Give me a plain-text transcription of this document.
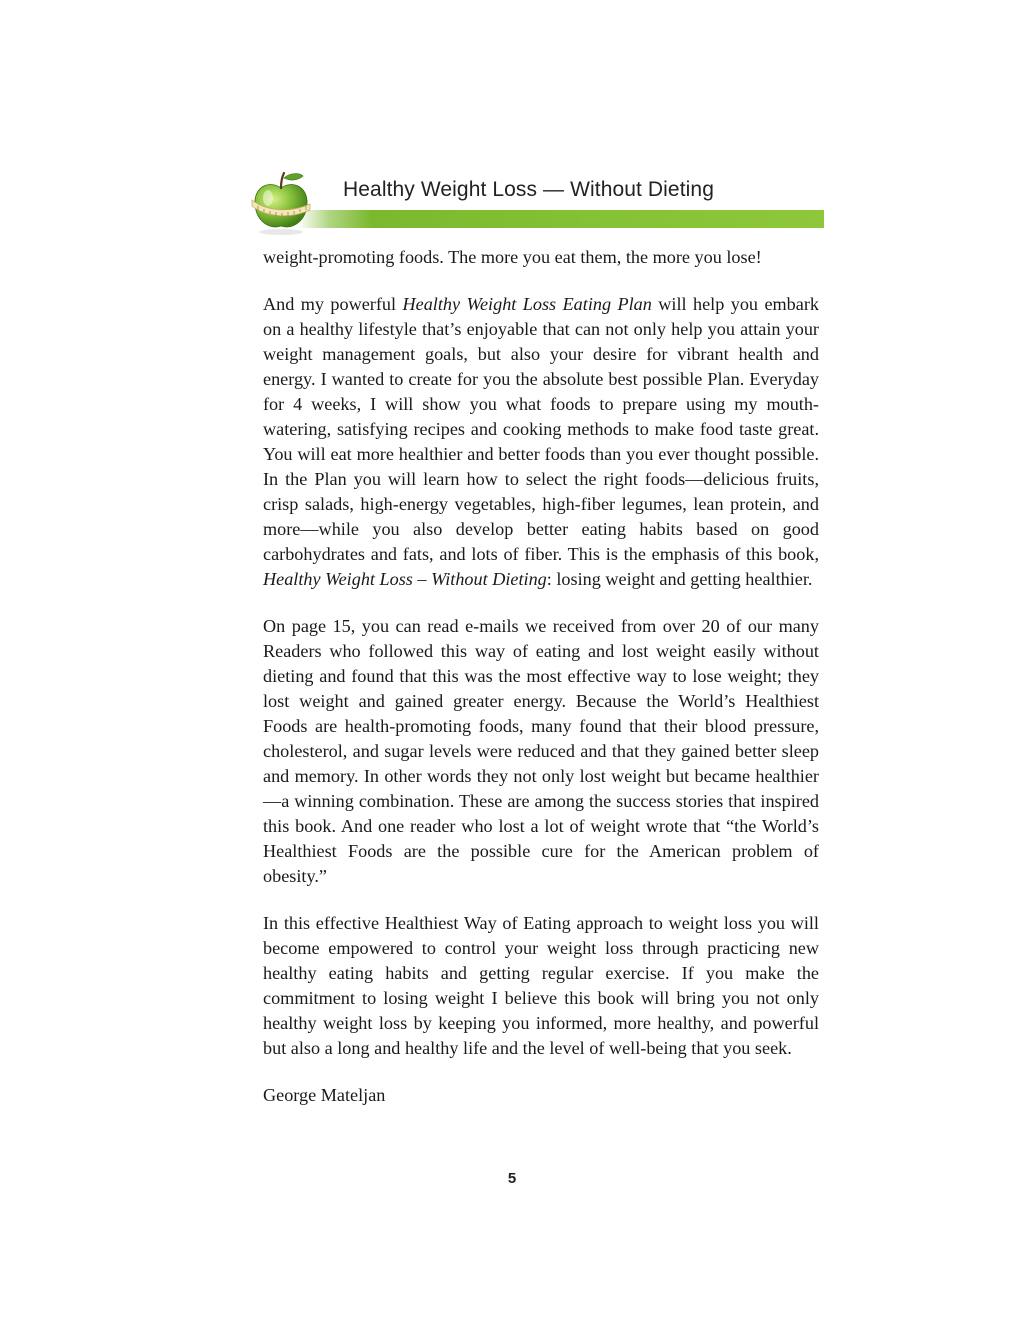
Healthy Weight Loss — Without Dieting

weight-promoting foods. The more you eat them, the more you lose!

And my powerful Healthy Weight Loss Eating Plan will help you embark on a healthy lifestyle that’s enjoyable that can not only help you attain your weight management goals, but also your desire for vibrant health and energy. I wanted to create for you the absolute best possible Plan. Everyday for 4 weeks, I will show you what foods to prepare using my mouth-watering, satisfying recipes and cooking methods to make food taste great. You will eat more healthier and better foods than you ever thought possible. In the Plan you will learn how to select the right foods—delicious fruits, crisp salads, high-energy vegetables, high-fiber legumes, lean protein, and more—while you also develop better eating habits based on good carbohydrates and fats, and lots of fiber. This is the emphasis of this book, Healthy Weight Loss – Without Dieting: losing weight and getting healthier.

On page 15, you can read e-mails we received from over 20 of our many Readers who followed this way of eating and lost weight easily without dieting and found that this was the most effective way to lose weight; they lost weight and gained greater energy. Because the World’s Healthiest Foods are health-promoting foods, many found that their blood pressure, cholesterol, and sugar levels were reduced and that they gained better sleep and memory. In other words they not only lost weight but became healthier—a winning combination. These are among the success stories that inspired this book. And one reader who lost a lot of weight wrote that “the World’s Healthiest Foods are the possible cure for the American problem of obesity.”

In this effective Healthiest Way of Eating approach to weight loss you will become empowered to control your weight loss through practicing new healthy eating habits and getting regular exercise. If you make the commitment to losing weight I believe this book will bring you not only healthy weight loss by keeping you informed, more healthy, and powerful but also a long and healthy life and the level of well-being that you seek.

George Mateljan

5
